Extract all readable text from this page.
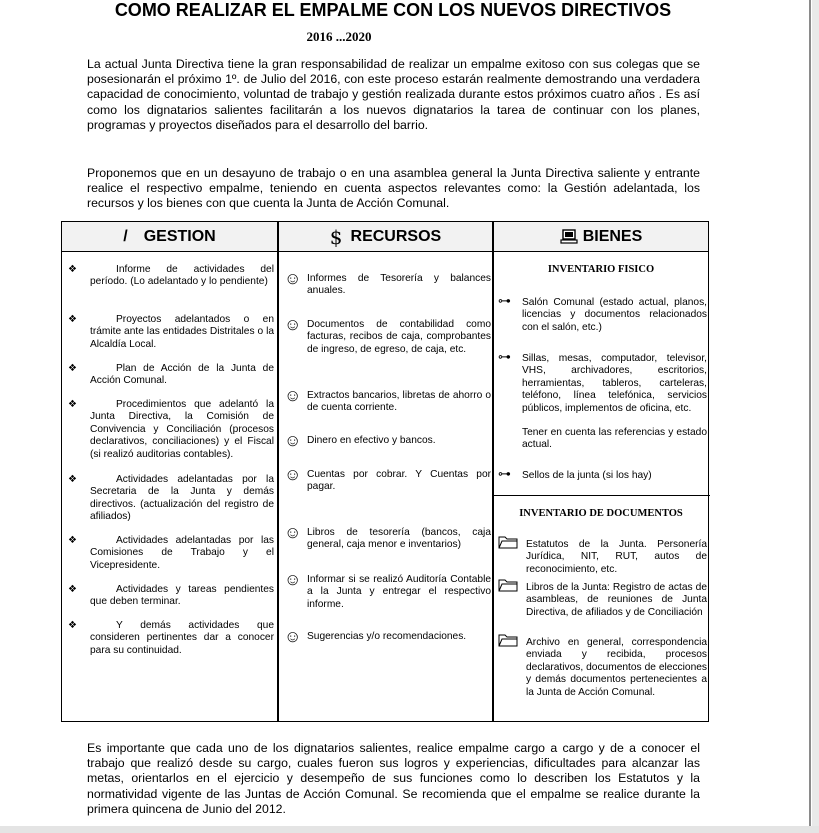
COMO REALIZAR EL EMPALME CON LOS NUEVOS DIRECTIVOS
2016 ...2020

La actual Junta Directiva tiene la gran responsabilidad de realizar un empalme exitoso con sus colegas que se posesionarán el próximo 1º. de Julio del 2016, con este proceso estarán realmente demostrando una verdadera capacidad de conocimiento, voluntad de trabajo y gestión realizada durante estos próximos cuatro años . Es así como los dignatarios salientes facilitarán a los nuevos dignatarios la tarea de continuar con los planes, programas y proyectos diseñados para el desarrollo del barrio.

Proponemos que en un desayuno de trabajo o en una asamblea general la Junta Directiva saliente y entrante realice el respectivo empalme, teniendo en cuenta aspectos relevantes como: la Gestión adelantada, los recursos y los bienes con que cuenta la Junta de Acción Comunal.

/ GESTION	$ RECURSOS	BIENES
❖	Informe de actividades del período. (Lo adelantado y lo pendiente)
❖	Proyectos adelantados o en trámite ante las entidades Distritales o la Alcaldía Local.
❖	Plan de Acción de la Junta de Acción Comunal.
❖	Procedimientos que adelantó la Junta Directiva, la Comisión de Convivencia y Conciliación (procesos declarativos, conciliaciones) y el Fiscal (si realizó auditorias contables).
❖	Actividades adelantadas por la Secretaria de la Junta y demás directivos. (actualización del registro de afiliados)
❖	Actividades adelantadas por las Comisiones de Trabajo y el Vicepresidente.
❖	Actividades y tareas pendientes que deben terminar.
❖	Y demás actividades que consideren pertinentes dar a conocer para su continuidad.
☺ Informes de Tesorería y balances anuales.
☺ Documentos de contabilidad como facturas, recibos de caja, comprobantes de ingreso, de egreso, de caja, etc.
☺ Extractos bancarios, libretas de ahorro o de cuenta corriente.
☺ Dinero en efectivo y bancos.
☺ Cuentas por cobrar. Y Cuentas por pagar.
☺ Libros de tesorería (bancos, caja general, caja menor e inventarios)
☺ Informar si se realizó Auditoría Contable a la Junta y entregar el respectivo informe.
☺ Sugerencias y/o recomendaciones.
INVENTARIO FISICO
⊶ Salón Comunal (estado actual, planos, licencias y documentos relacionados con el salón, etc.)
⊶ Sillas, mesas, computador, televisor, VHS, archivadores, escritorios, herramientas, tableros, carteleras, teléfono, línea telefónica, servicios públicos, implementos de oficina, etc.
Tener en cuenta las referencias y estado actual.
⊶ Sellos de la junta (si los hay)
INVENTARIO DE DOCUMENTOS
Estatutos de la Junta. Personería Jurídica, NIT, RUT, autos de reconocimiento, etc.
Libros de la Junta: Registro de actas de asambleas, de reuniones de Junta Directiva, de afiliados y de Conciliación
Archivo en general, correspondencia enviada y recibida, procesos declarativos, documentos de elecciones y demás documentos pertenecientes a la Junta de Acción Comunal.

Es importante que cada uno de los dignatarios salientes, realice empalme cargo a cargo y de a conocer el trabajo que realizó desde su cargo, cuales fueron sus logros y experiencias, dificultades para alcanzar las metas, orientarlos en el ejercicio y desempeño de sus funciones como lo describen los Estatutos y la normatividad vigente de las Juntas de Acción Comunal. Se recomienda que el empalme se realice durante la primera quincena de Junio del 2012.
